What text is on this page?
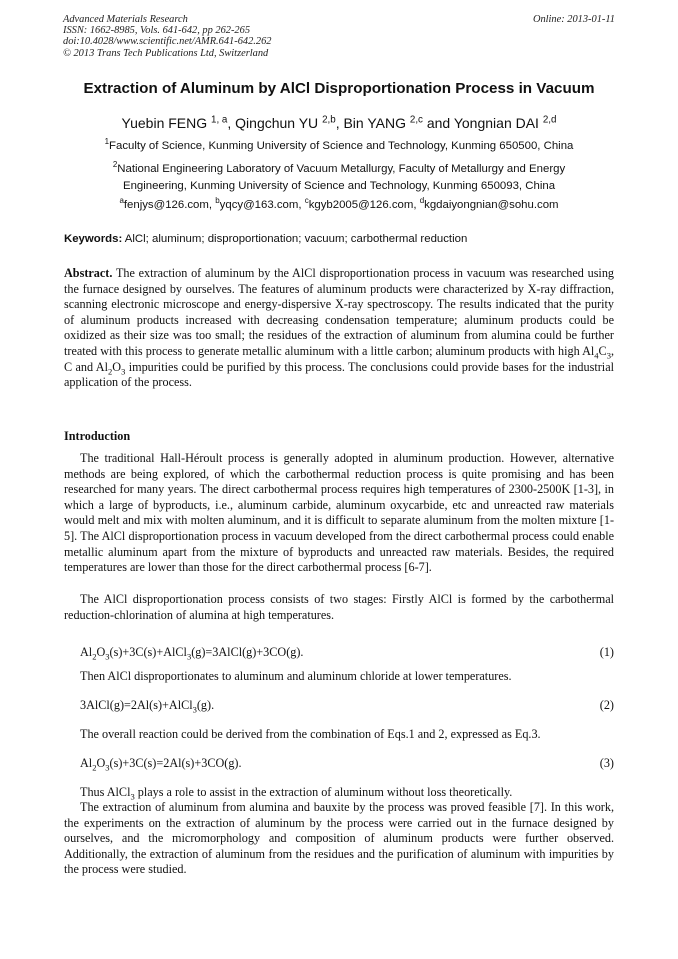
Advanced Materials Research
ISSN: 1662-8985, Vols. 641-642, pp 262-265
doi:10.4028/www.scientific.net/AMR.641-642.262
© 2013 Trans Tech Publications Ltd, Switzerland
Online: 2013-01-11
Extraction of Aluminum by AlCl Disproportionation Process in Vacuum
Yuebin FENG $^{1, a}$, Qingchun YU $^{2,b}$, Bin YANG $^{2,c}$ and Yongnian DAI $^{2,d}$
$^1$Faculty of Science, Kunming University of Science and Technology, Kunming 650500, China
$^2$National Engineering Laboratory of Vacuum Metallurgy, Faculty of Metallurgy and Energy
Engineering, Kunming University of Science and Technology, Kunming 650093, China
$^a$fenjys@126.com, $^b$yqcy@163.com, $^c$kgyb2005@126.com, $^d$kgdaiyongnian@sohu.com
Keywords: AlCl; aluminum; disproportionation; vacuum; carbothermal reduction
Abstract. The extraction of aluminum by the AlCl disproportionation process in vacuum was researched using the furnace designed by ourselves. The features of aluminum products were characterized by X-ray diffraction, scanning electronic microscope and energy-dispersive X-ray spectroscopy. The results indicated that the purity of aluminum products increased with decreasing condensation temperature; aluminum products could be oxidized as their size was too small; the residues of the extraction of aluminum from alumina could be further treated with this process to generate metallic aluminum with a little carbon; aluminum products with high $Al_4C_3$, C and $Al_2O_3$ impurities could be purified by this process. The conclusions could provide bases for the industrial application of the process.
Introduction
The traditional Hall-Héroult process is generally adopted in aluminum production. However, alternative methods are being explored, of which the carbothermal reduction process is quite promising and has been researched for many years. The direct carbothermal process requires high temperatures of 2300-2500K [1-3], in which a large of byproducts, i.e., aluminum carbide, aluminum oxycarbide, etc and unreacted raw materials would melt and mix with molten aluminum, and it is difficult to separate aluminum from the molten mixture [1-5]. The AlCl disproportionation process in vacuum developed from the direct carbothermal process could enable metallic aluminum apart from the mixture of byproducts and unreacted raw materials. Besides, the required temperatures are lower than those for the direct carbothermal process [6-7].
The AlCl disproportionation process consists of two stages: Firstly AlCl is formed by the carbothermal reduction-chlorination of alumina at high temperatures.
$Al_2O_3(s)+3C(s)+AlCl_3(g)=3AlCl(g)+3CO(g)$.	(1)
Then AlCl disproportionates to aluminum and aluminum chloride at lower temperatures.
3AlCl(g)=2Al(s)+AlCl$_3$(g).	(2)
The overall reaction could be derived from the combination of Eqs.1 and 2, expressed as Eq.3.
$Al_2O_3(s)+3C(s)=2Al(s)+3CO(g)$.	(3)
Thus AlCl$_3$ plays a role to assist in the extraction of aluminum without loss theoretically.
The extraction of aluminum from alumina and bauxite by the process was proved feasible [7]. In this work, the experiments on the extraction of aluminum by the process were carried out in the furnace designed by ourselves, and the micromorphology and composition of aluminum products were further observed. Additionally, the extraction of aluminum from the residues and the purification of aluminum with impurities by the process were studied.
